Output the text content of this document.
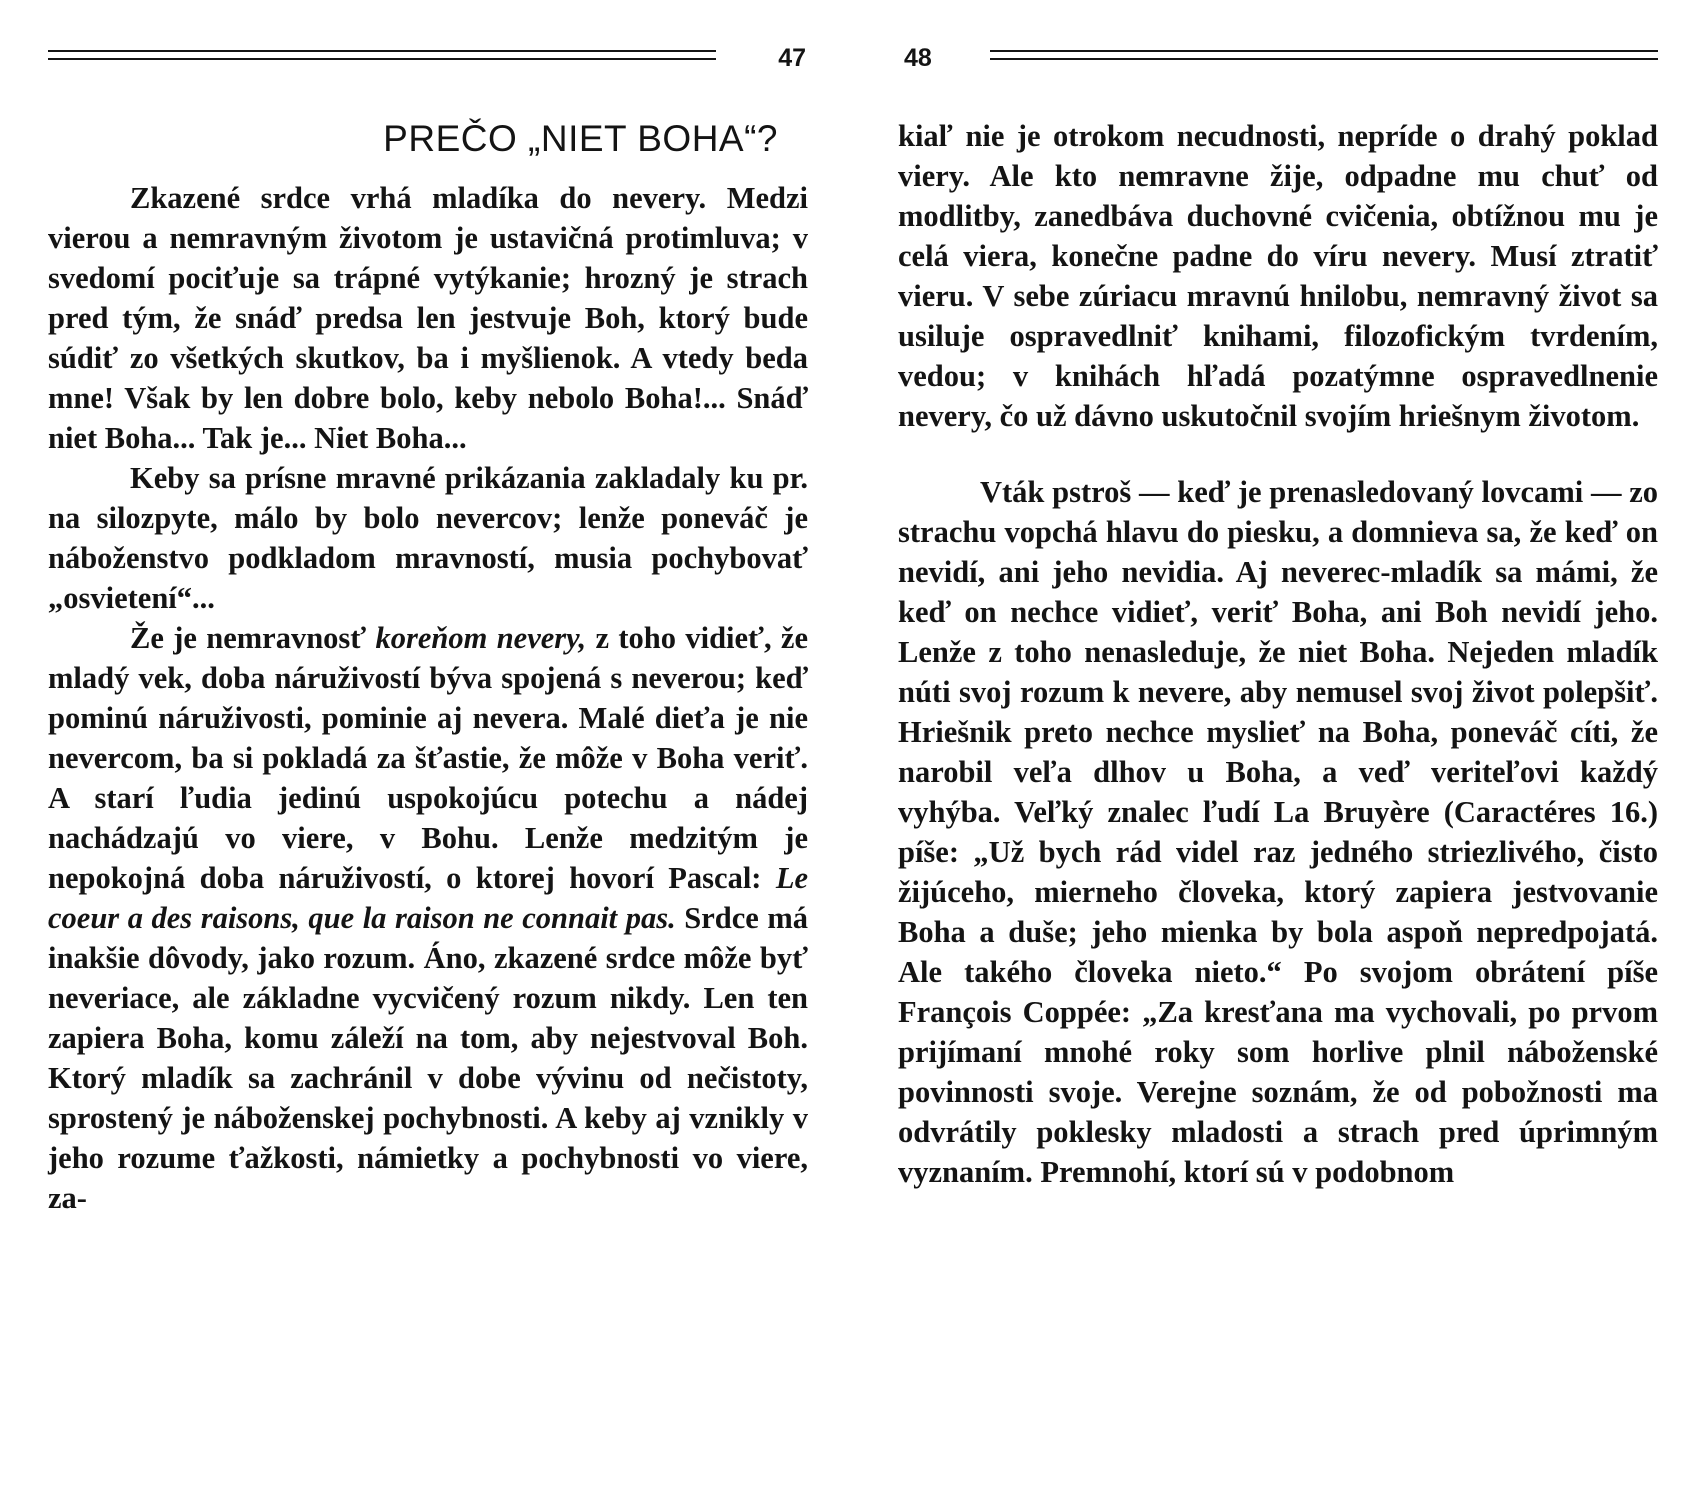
47
PREČO „NIET BOHA“?

Zkazené srdce vrhá mladíka do nevery. Medzi vierou a nemravným životom je ustavičná protimluva; v svedomí pociťuje sa trápné vytýkanie; hrozný je strach pred tým, že snáď predsa len jestvuje Boh, ktorý bude súdiť zo všetkých skutkov, ba i myšlienok. A vtedy beda mne! Však by len dobre bolo, keby nebolo Boha!... Snáď niet Boha... Tak je... Niet Boha...

Keby sa prísne mravné prikázania zakladaly ku pr. na silozpyte, málo by bolo nevercov; lenže poneváč je náboženstvo podkladom mravností, musia pochybovať „osvietení“...

Že je nemravnosť koreňom nevery, z toho vidieť, že mladý vek, doba náruživostí býva spojená s neverou; keď pominú náruživosti, pominie aj nevera. Malé dieťa je nie nevercom, ba si pokladá za šťastie, že môže v Boha veriť. A starí ľudia jedinú uspokojúcu potechu a nádej nachádzajú vo viere, v Bohu. Lenže medzitým je nepokojná doba náruživostí, o ktorej hovorí Pascal: Le coeur a des raisons, que la raison ne connait pas. Srdce má inakšie dôvody, jako rozum. Áno, zkazené srdce môže byť neveriace, ale základne vycvičený rozum nikdy. Len ten zapiera Boha, komu záleží na tom, aby nejestvoval Boh. Ktorý mladík sa zachránil v dobe vývinu od nečistoty, sprostený je náboženskej pochybnosti. A keby aj vznikly v jeho rozume ťažkosti, námietky a pochybnosti vo viere, za-

48

kiaľ nie je otrokom necudnosti, nepríde o drahý poklad viery. Ale kto nemravne žije, odpadne mu chuť od modlitby, zanedbáva duchovné cvičenia, obtížnou mu je celá viera, konečne padne do víru nevery. Musí ztratiť vieru. V sebe zúriacu mravnú hnilobu, nemravný život sa usiluje ospravedlniť knihami, filozofickým tvrdením, vedou; v knihách hľadá pozatýmne ospravedlnenie nevery, čo už dávno uskutočnil svojím hriešnym životom.

Vták pstroš — keď je prenasledovaný lovcami — zo strachu vopchá hlavu do piesku, a domnieva sa, že keď on nevidí, ani jeho nevidia. Aj neverec-mladík sa mámi, že keď on nechce vidieť, veriť Boha, ani Boh nevidí jeho. Lenže z toho nenasleduje, že niet Boha. Nejeden mladík núti svoj rozum k nevere, aby nemusel svoj život polepšiť. Hriešnik preto nechce myslieť na Boha, poneváč cíti, že narobil veľa dlhov u Boha, a veď veriteľovi každý vyhýba. Veľký znalec ľudí La Bruyère (Caractéres 16.) píše: „Už bych rád videl raz jedného striezlivého, čisto žijúceho, mierneho človeka, ktorý zapiera jestvovanie Boha a duše; jeho mienka by bola aspoň nepredpojatá. Ale takého človeka nieto.“ Po svojom obrátení píše François Coppée: „Za kresťana ma vychovali, po prvom prijímaní mnohé roky som horlive plnil náboženské povinnosti svoje. Verejne soznám, že od pobožnosti ma odvrátily poklesky mladosti a strach pred úprimným vyznaním. Premnohí, ktorí sú v podobnom
